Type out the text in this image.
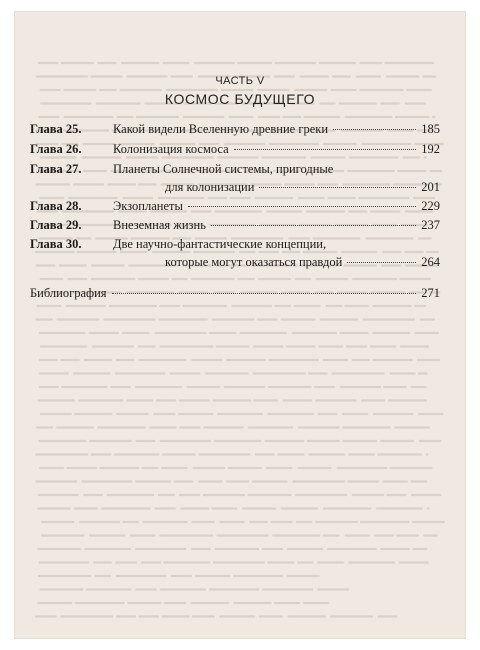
ЧАСТЬ V
КОСМОС БУДУЩЕГО
Глава 25.	Какой видели Вселенную древние греки	185
Глава 26.	Колонизация космоса	192
Глава 27.	Планеты Солнечной системы, пригодные
для колонизации	201
Глава 28.	Экзопланеты	229
Глава 29.	Внеземная жизнь	237
Глава 30.	Две научно-фантастические концепции,
которые могут оказаться правдой	264
Библиография	271
